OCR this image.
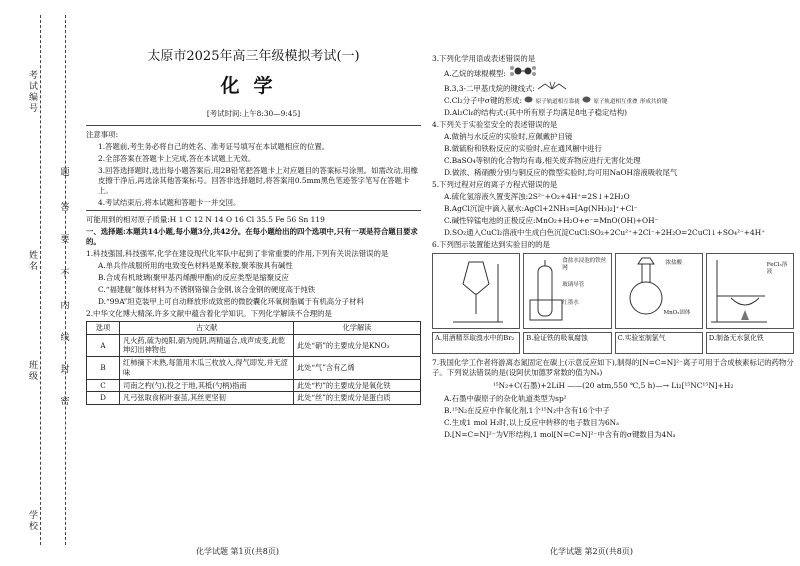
考试编号
姓名
班级
学校
题
答
要
不
内
线
封
密
太原市2025年高三年级模拟考试(一)
化学
[考试时间:上午8:30—9:45]

注意事项:

1.答题前,考生务必将自己的姓名、准考证号填写在本试题相应的位置。

2.全部答案在答题卡上完成,答在本试题上无效。

3.回答选择题时,选出每小题答案后,用2B铅笔把答题卡上对应题目的答案标号涂黑。如需改动,用橡皮擦干净后,再选涂其他答案标号。回答非选择题时,将答案用0.5mm黑色笔迹签字笔写在答题卡上。

4.考试结束后,将本试题和答题卡一并交回。

可能用到的相对原子质量:H 1 C 12 N 14 O 16 Cl 35.5 Fe 56 Sn 119

一、选择题:本题共14小题,每小题3分,共42分。在每小题给出的四个选项中,只有一项是符合题目要求的。

1.科技强国,科技强军,化学在建设现代化军队中起到了非常重要的作用,下列有关说法错误的是

A.单兵作战服所用的电致变色材料是聚苯胺,聚苯胺具有碱性

B.合成有机玻璃(聚甲基丙烯酸甲酯)的反应类型是缩聚反应

C.“福建舰”舰体材料为不锈钢铬镍合金钢,该合金钢的硬度高于纯铁

D.“99A”坦克装甲上可自动释放形成致密的微胶囊化环氧树脂属于有机高分子材料

2.中华文化博大精深,许多文献中蕴含着化学知识。下列化学解读不合理的是

选项	古文献	化学解读
A	凡火药,硫为纯阳,硝为纯阴,两精逼合,成声成变,此乾坤幻出神物也	此处“硝”的主要成分是KNO₃
B	红柿摘下未熟,每篮用木瓜三枚放入,得气即发,并无涩味	此处“气”含有乙烯
C	司南之杓(勺),投之于地,其柢(勺柄)指南	此处“杓”的主要成分是氧化铁
D	凡弓弦取食柘叶蚕茧,其丝更坚韧	此处“丝”的主要成分是蛋白质
化学试题 第1页(共8页)

3.下列化学用语或表述错误的是

A.乙烷的球棍模型:

B.3,3-二甲基戊烷的键线式:

C.Cl₂分子中σ键的形成: 原子轨道相互靠拢 原子轨道相互重叠 形成共价键

D.Al₂Cl₆的结构式:(其中所有原子均满足8电子稳定结构)

4.下列关于实验室安全的表述错误的是

A.做钠与水反应的实验时,应佩戴护目镜

B.做硫粉和铁粉反应的实验时,应在通风橱中进行

C.BaSO₄等钡的化合物均有毒,相关废弃物应进行无害化处理

D.做浓、稀硝酸分别与铜反应的微型实验时,均可用NaOH溶液吸收尾气

5.下列过程对应的离子方程式错误的是

A.硫化氢溶液久置变浑浊:2S²⁻+O₂+4H⁺=2S↓+2H₂O

B.AgCl沉淀中滴入氨水:AgCl+2NH₃=[Ag(NH₃)₂]⁺+Cl⁻

C.碱性锌锰电池的正极反应:MnO₂+H₂O+e⁻=MnO(OH)+OH⁻

D.SO₂通入CuCl₂溶液中生成白色沉淀CuCl:SO₂+2Cu²⁺+2Cl⁻+2H₂O=2CuCl↓+SO₄²⁻+4H⁺

6.下列图示装置能达到实验目的的是

食盐水浸泡的铁丝网
玻璃导管
红墨水
浓盐酸
MnO₂固体
FeCl₃溶液
A.用酒精萃取溴水中的Br₂	B.验证铁的吸氧腐蚀	C.实验室制氯气	D.制备无水氯化铁

7.我国化学工作者将游离态氮固定在碳上(示意反应如下),制得的[N=C=N]²⁻离子可用于合成核素标记的药物分子。下列说法错误的是(设阿伏加德罗常数的值为Nₐ)

¹⁵N₂+C(石墨)+2LiH ——(20 atm,550 ℃,5 h)—→ Li₂[¹⁵NC¹⁵N]+H₂

A.石墨中碳原子的杂化轨道类型为sp²

B.¹⁵N₂在反应中作氧化剂,1个¹⁵N₂中含有16个中子

C.生成1 mol H₂时,以上反应中转移的电子数目为6Nₐ

D.[N=C=N]²⁻为V形结构,1 mol[N=C=N]²⁻中含有的σ键数目为4Nₐ

化学试题 第2页(共8页)
